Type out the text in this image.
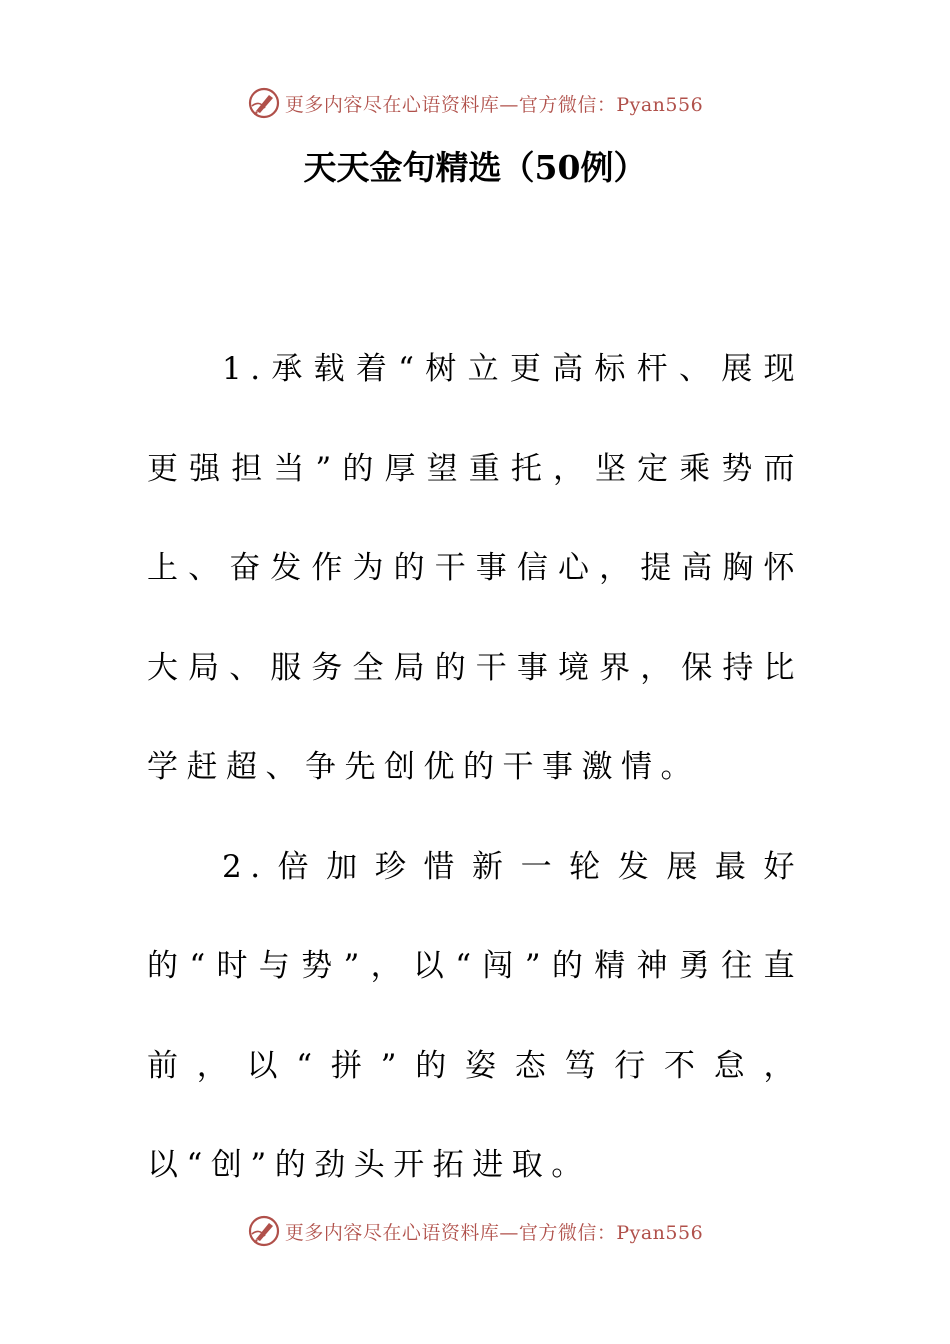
更多内容尽在心语资料库—官方微信：Pyan556
天天金句精选（50例）

1.承载着“树立更高标杆、展现更强担当”的厚望重托，坚定乘势而上、奋发作为的干事信心，提高胸怀大局、服务全局的干事境界，保持比学赶超、争先创优的干事激情。

2.倍加珍惜新一轮发展最好的“时与势”，以“闯”的精神勇往直前，以“拼”的姿态笃行不怠，以“创”的劲头开拓进取。

更多内容尽在心语资料库—官方微信：Pyan556
